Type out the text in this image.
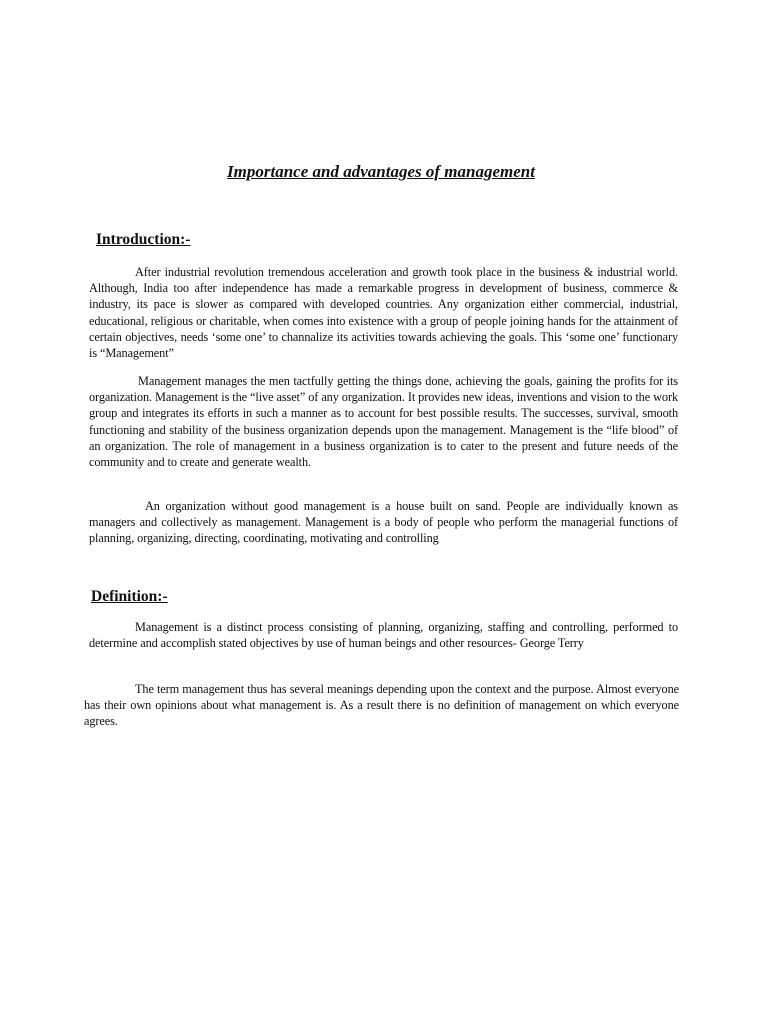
Importance and advantages of management
Introduction:-

After industrial revolution tremendous acceleration and growth took place in the business & industrial world. Although, India too after independence has made a remarkable progress in development of business, commerce & industry, its pace is slower as compared with developed countries. Any organization either commercial, industrial, educational, religious or charitable, when comes into existence with a group of people joining hands for the attainment of certain objectives, needs ‘some one’ to channalize its activities towards achieving the goals. This ‘some one’ functionary is “Management”

Management manages the men tactfully getting the things done, achieving the goals, gaining the profits for its organization. Management is the “live asset” of any organization. It provides new ideas, inventions and vision to the work group and integrates its efforts in such a manner as to account for best possible results. The successes, survival, smooth functioning and stability of the business organization depends upon the management. Management is the “life blood” of an organization. The role of management in a business organization is to cater to the present and future needs of the community and to create and generate wealth.

An organization without good management is a house built on sand. People are individually known as managers and collectively as management. Management is a body of people who perform the managerial functions of planning, organizing, directing, coordinating, motivating and controlling

Definition:-

Management is a distinct process consisting of planning, organizing, staffing and controlling, performed to determine and accomplish stated objectives by use of human beings and other resources- George Terry

The term management thus has several meanings depending upon the context and the purpose. Almost everyone has their own opinions about what management is. As a result there is no definition of management on which everyone agrees.
